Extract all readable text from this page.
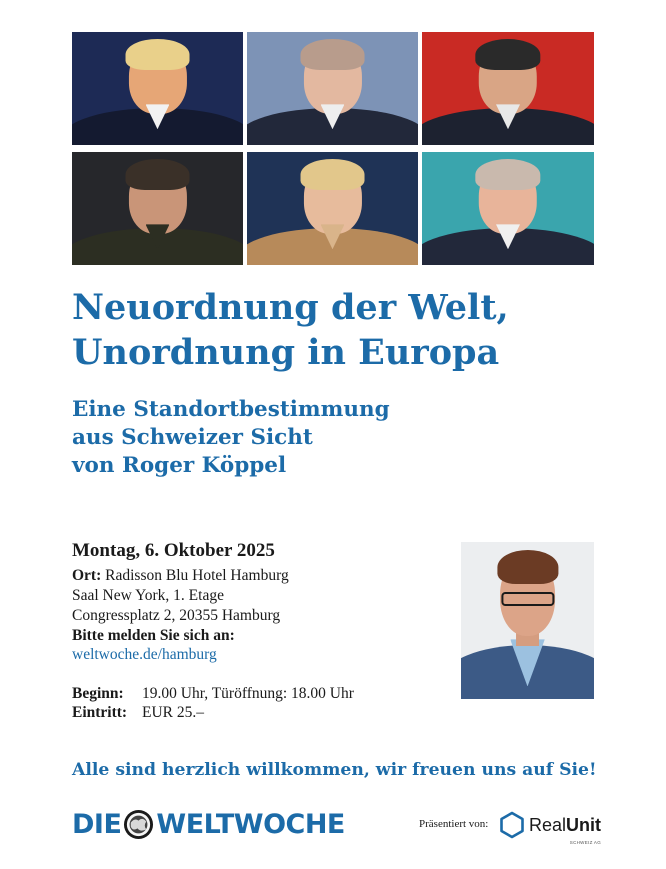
Neuordnung der Welt,
Unordnung in Europa
Eine Standortbestimmung
aus Schweizer Sicht
von Roger Köppel
Montag, 6. Oktober 2025
Ort: Radisson Blu Hotel Hamburg
Saal New York, 1. Etage
Congressplatz 2, 20355 Hamburg
Bitte melden Sie sich an:
weltwoche.de/hamburg
Beginn: 19.00 Uhr, Türöffnung: 18.00 Uhr
Eintritt: EUR 25.–
Alle sind herzlich willkommen, wir freuen uns auf Sie!
DIE WELTWOCHE	Präsentiert von: RealUnit
SCHWEIZ AG
